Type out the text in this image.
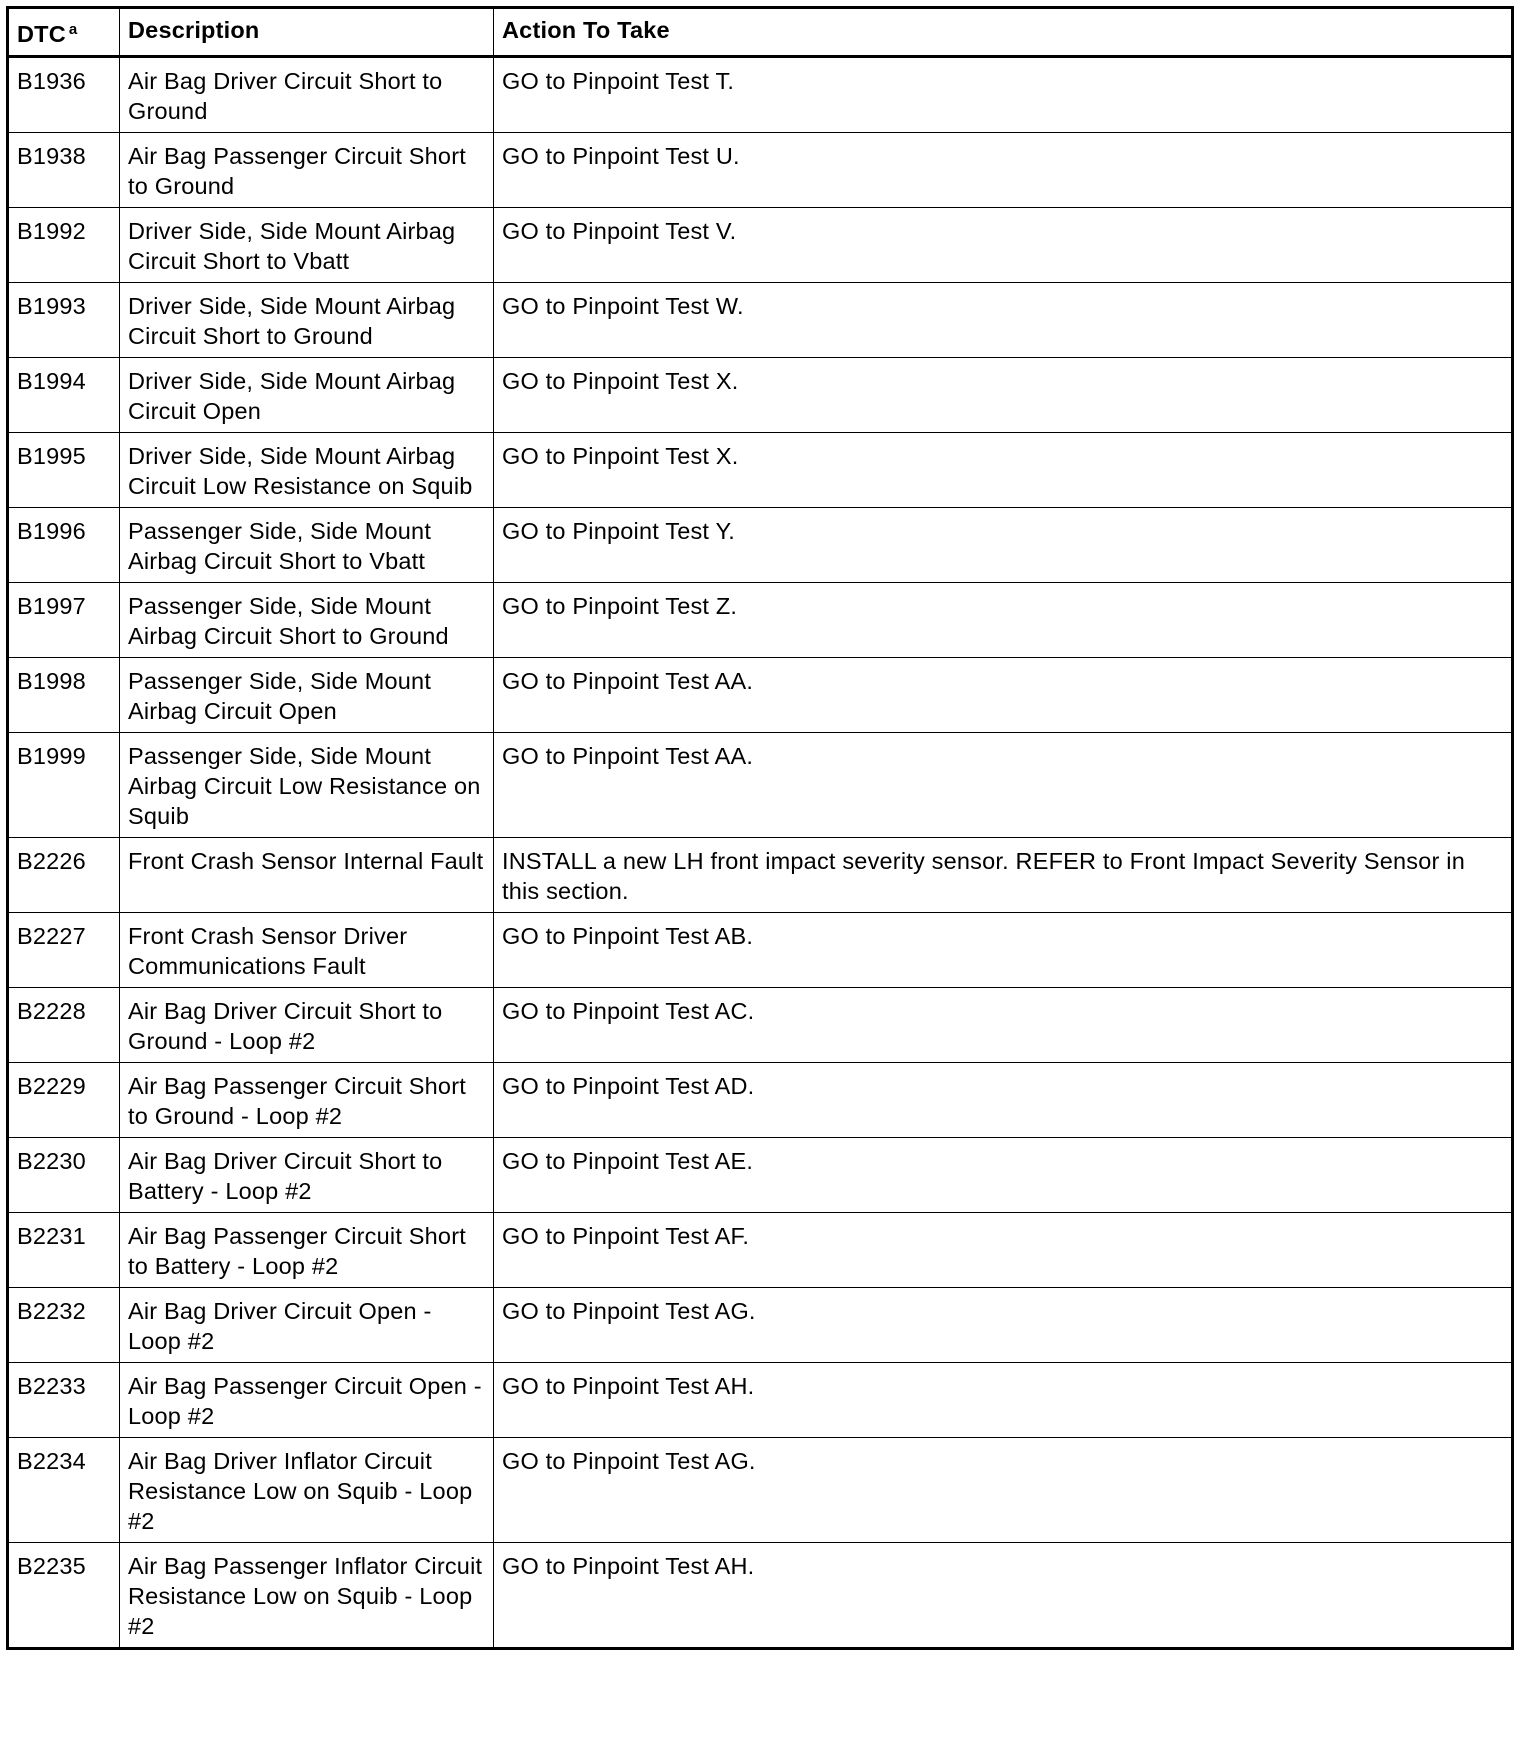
DTC $^a$	Description	Action To Take
B1936	Air Bag Driver Circuit Short to Ground	GO to Pinpoint Test T.
B1938	Air Bag Passenger Circuit Short to Ground	GO to Pinpoint Test U.
B1992	Driver Side, Side Mount Airbag Circuit Short to Vbatt	GO to Pinpoint Test V.
B1993	Driver Side, Side Mount Airbag Circuit Short to Ground	GO to Pinpoint Test W.
B1994	Driver Side, Side Mount Airbag Circuit Open	GO to Pinpoint Test X.
B1995	Driver Side, Side Mount Airbag Circuit Low Resistance on Squib	GO to Pinpoint Test X.
B1996	Passenger Side, Side Mount Airbag Circuit Short to Vbatt	GO to Pinpoint Test Y.
B1997	Passenger Side, Side Mount Airbag Circuit Short to Ground	GO to Pinpoint Test Z.
B1998	Passenger Side, Side Mount Airbag Circuit Open	GO to Pinpoint Test AA.
B1999	Passenger Side, Side Mount Airbag Circuit Low Resistance on Squib	GO to Pinpoint Test AA.
B2226	Front Crash Sensor Internal Fault	INSTALL a new LH front impact severity sensor. REFER to Front Impact Severity Sensor in this section.
B2227	Front Crash Sensor Driver Communications Fault	GO to Pinpoint Test AB.
B2228	Air Bag Driver Circuit Short to Ground - Loop #2	GO to Pinpoint Test AC.
B2229	Air Bag Passenger Circuit Short to Ground - Loop #2	GO to Pinpoint Test AD.
B2230	Air Bag Driver Circuit Short to Battery - Loop #2	GO to Pinpoint Test AE.
B2231	Air Bag Passenger Circuit Short to Battery - Loop #2	GO to Pinpoint Test AF.
B2232	Air Bag Driver Circuit Open - Loop #2	GO to Pinpoint Test AG.
B2233	Air Bag Passenger Circuit Open - Loop #2	GO to Pinpoint Test AH.
B2234	Air Bag Driver Inflator Circuit Resistance Low on Squib - Loop #2	GO to Pinpoint Test AG.
B2235	Air Bag Passenger Inflator Circuit Resistance Low on Squib - Loop #2	GO to Pinpoint Test AH.
